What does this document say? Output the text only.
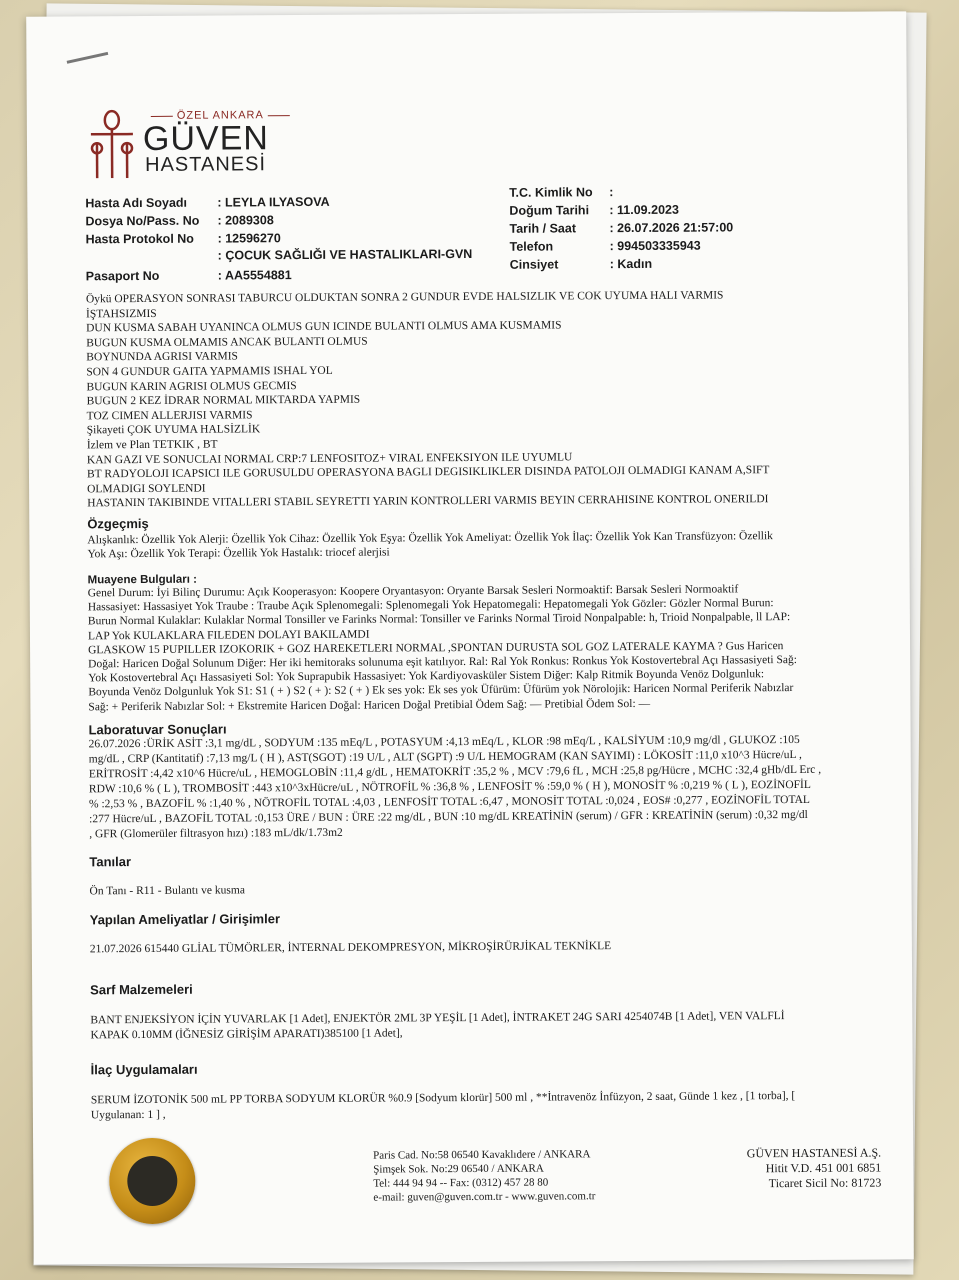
ÖZEL ANKARA
GÜVEN
HASTANESİ
Hasta Adı Soyadı : LEYLA ILYASOVA
Dosya No/Pass. No : 2089308
Hasta Protokol No : 12596270
: ÇOCUK SAĞLIĞI VE HASTALIKLARI-GVN
Pasaport No	: AA5554881
T.C. Kimlik No :
Doğum Tarihi : 11.09.2023
Tarih / Saat	: 26.07.2026 21:57:00
Telefon	: 994503335943
Cinsiyet	: Kadın
Öykü OPERASYON SONRASI TABURCU OLDUKTAN SONRA 2 GUNDUR EVDE HALSIZLIK VE COK UYUMA HALI VARMIS
İŞTAHSIZMIS
DUN KUSMA SABAH UYANINCA OLMUS GUN ICINDE BULANTI OLMUS AMA KUSMAMIS
BUGUN KUSMA OLMAMIS ANCAK BULANTI OLMUS
BOYNUNDA AGRISI VARMIS
SON 4 GUNDUR GAITA YAPMAMIS ISHAL YOL
BUGUN KARIN AGRISI OLMUS GECMIS
BUGUN 2 KEZ İDRAR NORMAL MIKTARDA YAPMIS
TOZ CIMEN ALLERJISI VARMIS
Şikayeti ÇOK UYUMA HALSİZLİK
İzlem ve Plan TETKIK , BT
KAN GAZI VE SONUCLAI NORMAL CRP:7 LENFOSITOZ+ VIRAL ENFEKSIYON ILE UYUMLU
BT RADYOLOJI ICAPSICI ILE GORUSULDU OPERASYONA BAGLI DEGISIKLIKLER DISINDA PATOLOJI OLMADIGI KANAM A,SIFT
OLMADIGI SOYLENDI
HASTANIN TAKIBINDE VITALLERI STABIL SEYRETTI YARIN KONTROLLERI VARMIS BEYIN CERRAHISINE KONTROL ONERILDI
Özgeçmiş
Alışkanlık: Özellik Yok Alerji: Özellik Yok Cihaz: Özellik Yok Eşya: Özellik Yok Ameliyat: Özellik Yok İlaç: Özellik Yok Kan Transfüzyon: Özellik
Yok Aşı: Özellik Yok Terapi: Özellik Yok Hastalık: triocef alerjisi
Muayene Bulguları :
Genel Durum: İyi Bilinç Durumu: Açık Kooperasyon: Koopere Oryantasyon: Oryante Barsak Sesleri Normoaktif: Barsak Sesleri Normoaktif
Hassasiyet: Hassasiyet Yok Traube : Traube Açık Splenomegali: Splenomegali Yok Hepatomegali: Hepatomegali Yok Gözler: Gözler Normal Burun:
Burun Normal Kulaklar: Kulaklar Normal Tonsiller ve Farinks Normal: Tonsiller ve Farinks Normal Tiroid Nonpalpable: h, Trioid Nonpalpable, ll LAP:
LAP Yok KULAKLARA FILEDEN DOLAYI BAKILAMDI
GLASKOW 15 PUPILLER IZOKORIK + GOZ HAREKETLERI NORMAL ,SPONTAN DURUSTA SOL GOZ LATERALE KAYMA ? Gus Haricen
Doğal: Haricen Doğal Solunum Diğer: Her iki hemitoraks solunuma eşit katılıyor. Ral: Ral Yok Ronkus: Ronkus Yok Kostovertebral Açı Hassasiyeti Sağ:
Yok Kostovertebral Açı Hassasiyeti Sol: Yok Suprapubik Hassasiyet: Yok Kardiyovasküler Sistem Diğer: Kalp Ritmik Boyunda Venöz Dolgunluk:
Boyunda Venöz Dolgunluk Yok S1: S1 ( + ) S2 ( + ): S2 ( + ) Ek ses yok: Ek ses yok Üfürüm: Üfürüm yok Nörolojik: Haricen Normal Periferik Nabızlar
Sağ: + Periferik Nabızlar Sol: + Ekstremite Haricen Doğal: Haricen Doğal Pretibial Ödem Sağ: — Pretibial Ödem Sol: —
Laboratuvar Sonuçları
26.07.2026 :ÜRİK ASİT :3,1 mg/dL , SODYUM :135 mEq/L , POTASYUM :4,13 mEq/L , KLOR :98 mEq/L , KALSİYUM :10,9 mg/dl , GLUKOZ :105
mg/dL , CRP (Kantitatif) :7,13 mg/L ( H ), AST(SGOT) :19 U/L , ALT (SGPT) :9 U/L HEMOGRAM (KAN SAYIMI) : LÖKOSİT :11,0 x10^3 Hücre/uL ,
ERİTROSİT :4,42 x10^6 Hücre/uL , HEMOGLOBİN :11,4 g/dL , HEMATOKRİT :35,2 % , MCV :79,6 fL , MCH :25,8 pg/Hücre , MCHC :32,4 gHb/dL Erc ,
RDW :10,6 % ( L ), TROMBOSİT :443 x10^3xHücre/uL , NÖTROFİL % :36,8 % , LENFOSİT % :59,0 % ( H ), MONOSİT % :0,219 % ( L ), EOZİNOFİL
% :2,53 % , BAZOFİL % :1,40 % , NÖTROFİL TOTAL :4,03 , LENFOSİT TOTAL :6,47 , MONOSİT TOTAL :0,024 , EOS# :0,277 , EOZİNOFİL TOTAL
:277 Hücre/uL , BAZOFİL TOTAL :0,153 ÜRE / BUN : ÜRE :22 mg/dL , BUN :10 mg/dL KREATİNİN (serum) / GFR : KREATİNİN (serum) :0,32 mg/dl
, GFR (Glomerüler filtrasyon hızı) :183 mL/dk/1.73m2
Tanılar
Ön Tanı - R11 - Bulantı ve kusma
Yapılan Ameliyatlar / Girişimler
21.07.2026 615440 GLİAL TÜMÖRLER, İNTERNAL DEKOMPRESYON, MİKROŞİRÜRJİKAL TEKNİKLE
Sarf Malzemeleri
BANT ENJEKSİYON İÇİN YUVARLAK [1 Adet], ENJEKTÖR 2ML 3P YEŞİL [1 Adet], İNTRAKET 24G SARI 4254074B [1 Adet], VEN VALFLİ
KAPAK 0.10MM (İĞNESİZ GİRİŞİM APARATI)385100 [1 Adet],
İlaç Uygulamaları
SERUM İZOTONİK 500 mL PP TORBA SODYUM KLORÜR %0.9 [Sodyum klorür] 500 ml , **İntravenöz İnfüzyon, 2 saat, Günde 1 kez , [1 torba], [
Uygulanan: 1 ] ,
Paris Cad. No:58 06540 Kavaklıdere / ANKARA
Şimşek Sok. No:29 06540 / ANKARA
Tel: 444 94 94 -- Fax: (0312) 457 28 80
e-mail: guven@guven.com.tr - www.guven.com.tr
GÜVEN HASTANESİ A.Ş.
Hitit V.D. 451 001 6851
Ticaret Sicil No: 81723
